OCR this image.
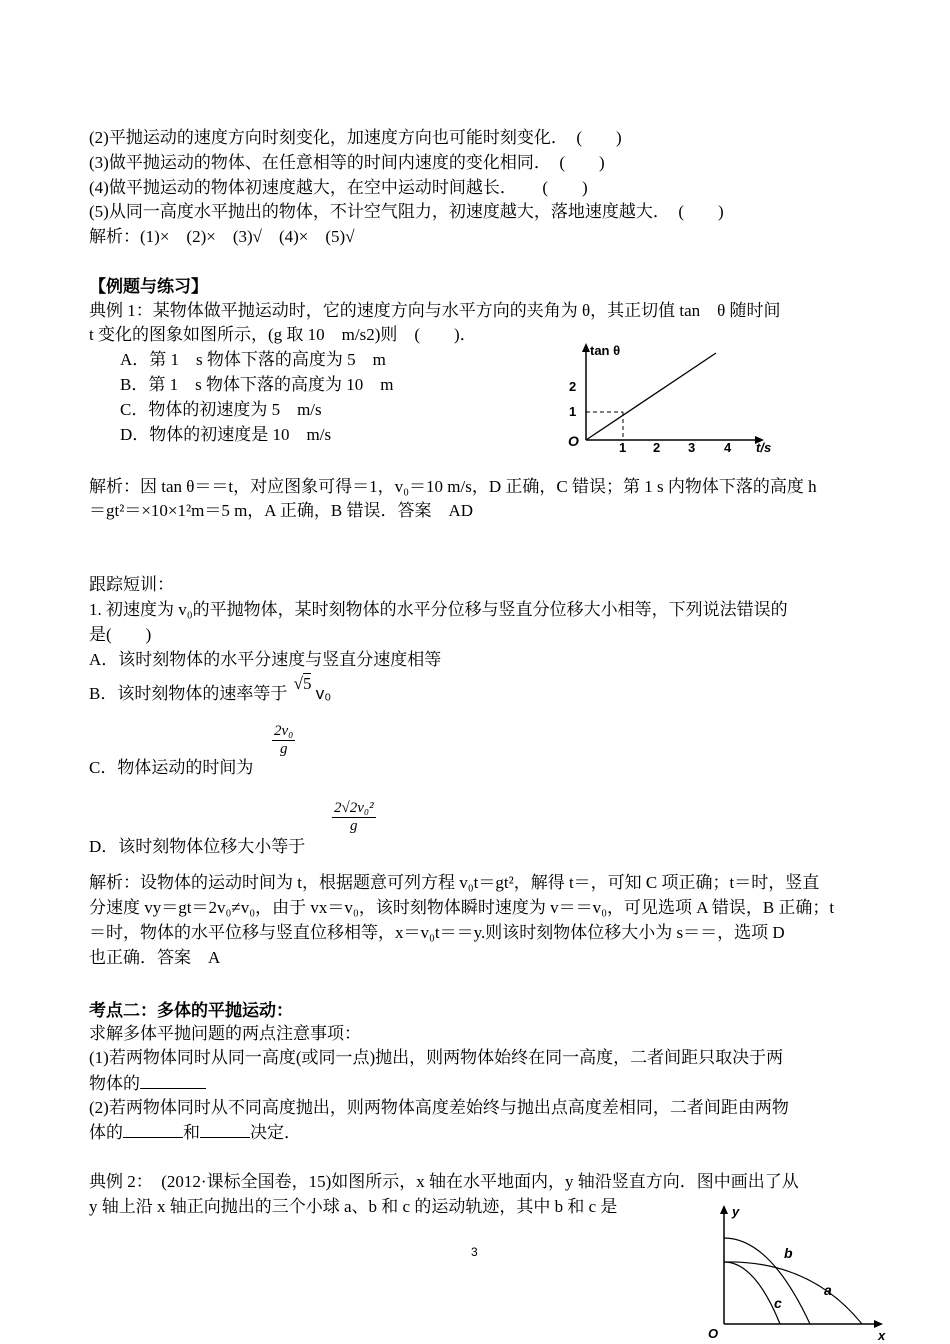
(2)平抛运动的速度方向时刻变化，加速度方向也可能时刻变化．　(　　)
(3)做平抛运动的物体、在任意相等的时间内速度的变化相同．　(　　)
(4)做平抛运动的物体初速度越大，在空中运动时间越长．　　(　　)
(5)从同一高度水平抛出的物体，不计空气阻力，初速度越大，落地速度越大．　(　　)
解析：(1)×　(2)×　(3)√　(4)×　(5)√
【例题与练习】
典例 1：某物体做平抛运动时，它的速度方向与水平方向的夹角为 θ，其正切值 tan　θ 随时间
t 变化的图象如图所示，(g 取 10　m/s2)则　(　　)．
A．第 1　s 物体下落的高度为 5　m
B．第 1　s 物体下落的高度为 10　m
C．物体的初速度为 5　m/s
D．物体的初速度是 10　m/s
tan θ
1
2
O	1 2 3 4 t/s
解析：因 tan θ＝＝t，对应图象可得＝1，v₀＝10 m/s，D 正确，C 错误；第 1 s 内物体下落的高度 h
＝gt²＝×10×1²m＝5 m，A 正确，B 错误．答案　AD
跟踪短训：
1. 初速度为 v₀的平抛物体，某时刻物体的水平分位移与竖直分位移大小相等，下列说法错误的
是(　　)
A．该时刻物体的水平分速度与竖直分速度相等
B．该时刻物体的速率等于 √5 v₀
C．物体运动的时间为
$\frac{\text{2v₀}}{g}$
D．该时刻物体位移大小等于
$\frac{\text{2√2v₀²}}{g}$
解析：设物体的运动时间为 t，根据题意可列方程 v₀t＝gt²，解得 t＝，可知 C 项正确；t＝时，竖直
分速度 vy＝gt＝2v₀≠v₀，由于 vx＝v₀，该时刻物体瞬时速度为 v＝＝v₀，可见选项 A 错误，B 正确；t
＝时，物体的水平位移与竖直位移相等，x＝v₀t＝＝y.则该时刻物体位移大小为 s＝＝，选项 D
也正确．答案　A
考点二：多体的平抛运动：
求解多体平抛问题的两点注意事项：
(1)若两物体同时从同一高度(或同一点)抛出，则两物体始终在同一高度，二者间距只取决于两
物体的
(2)若两物体同时从不同高度抛出，则两物体高度差始终与抛出点高度差相同，二者间距由两物
体的	和	决定．
典例 2：　(2012·课标全国卷，15)如图所示，x 轴在水平地面内，y 轴沿竖直方向．图中画出了从
y 轴上沿 x 轴正向抛出的三个小球 a、b 和 c 的运动轨迹，其中 b 和 c 是	y
x
O
b
a
c
3
